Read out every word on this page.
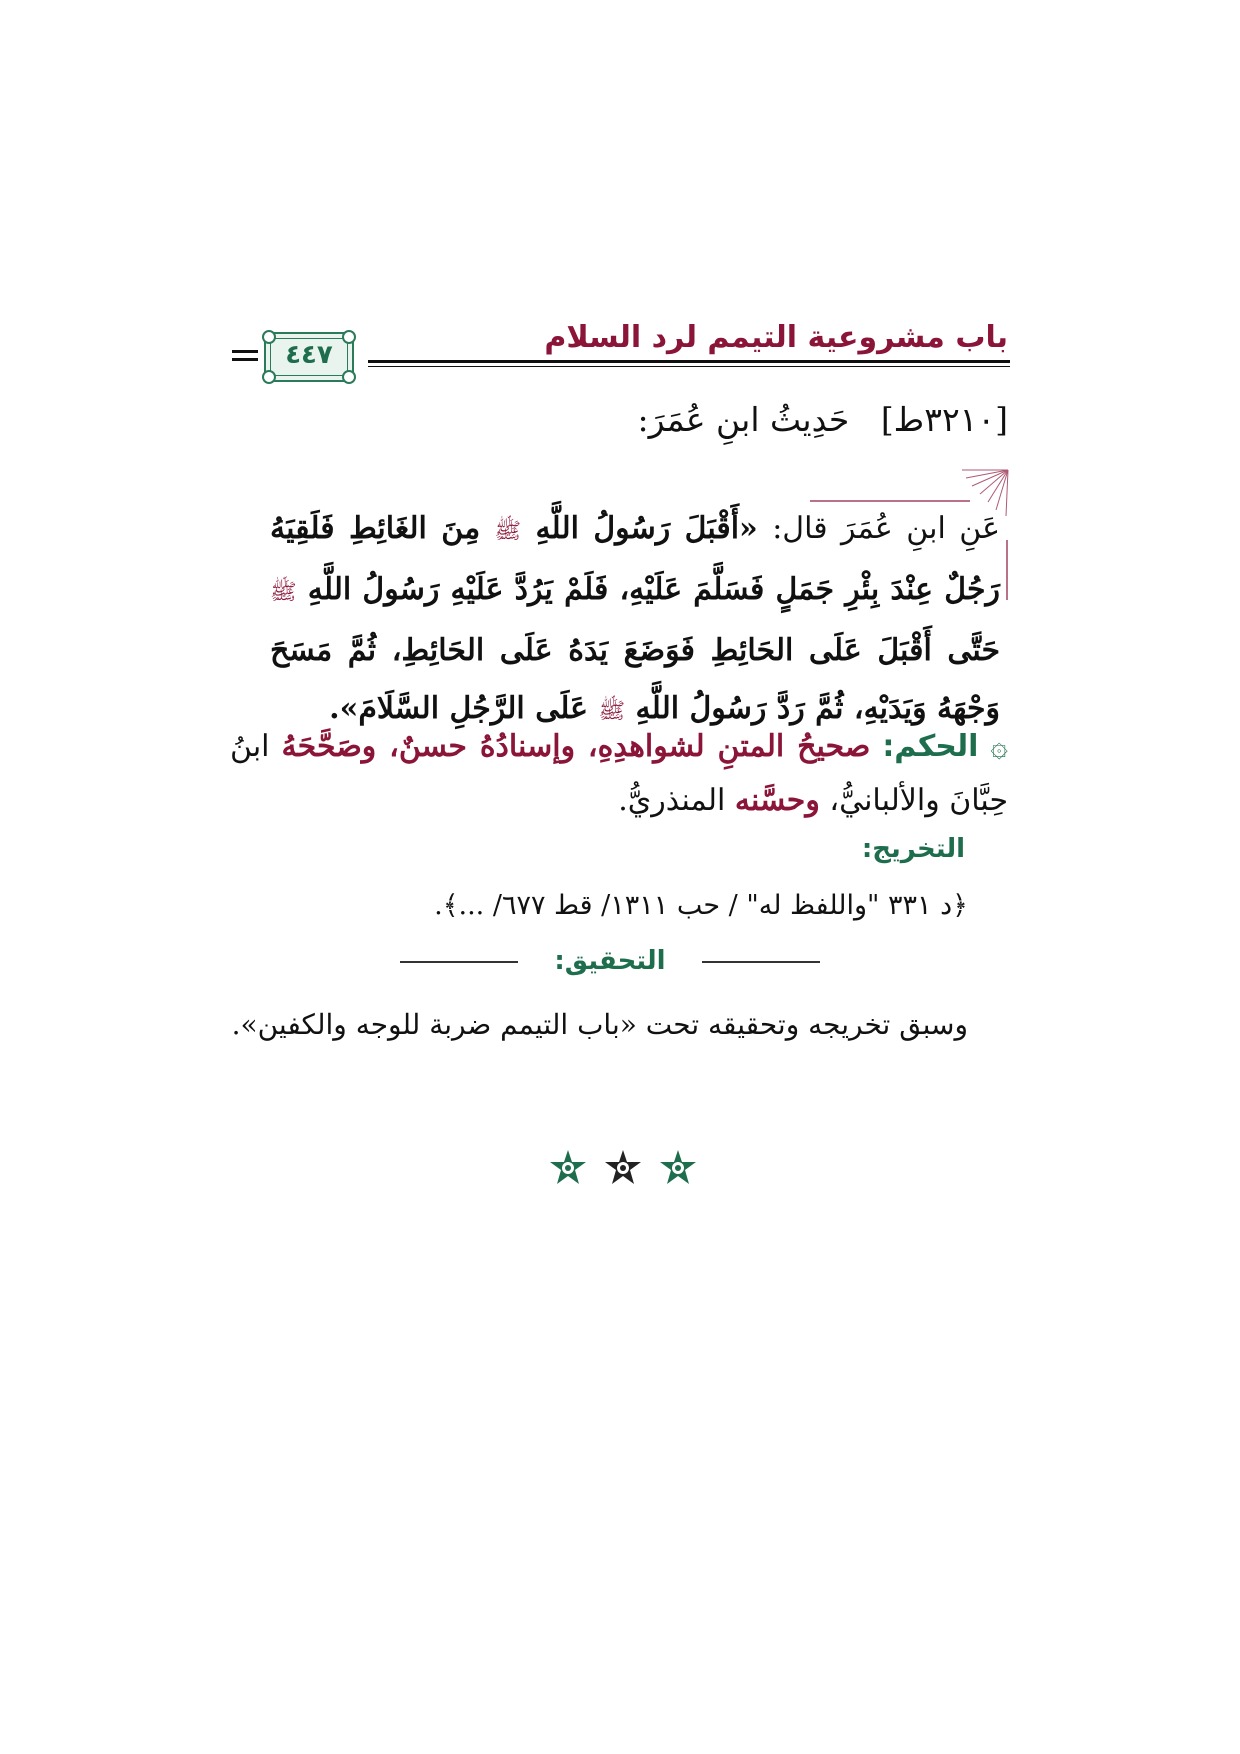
باب مشروعية التيمم لرد السلام
٤٤٧
[٣٢١٠ط]   حَدِيثُ ابنِ عُمَرَ:
عَنِ ابنِ عُمَرَ قال: «أَقْبَلَ رَسُولُ اللَّهِ ﷺ مِنَ الغَائِطِ فَلَقِيَهُ رَجُلٌ عِنْدَ بِئْرِ جَمَلٍ فَسَلَّمَ عَلَيْهِ، فَلَمْ يَرُدَّ عَلَيْهِ رَسُولُ اللَّهِ ﷺ حَتَّى أَقْبَلَ عَلَى الحَائِطِ فَوَضَعَ يَدَهُ عَلَى الحَائِطِ، ثُمَّ مَسَحَ وَجْهَهُ وَيَدَيْهِ، ثُمَّ رَدَّ رَسُولُ اللَّهِ ﷺ عَلَى الرَّجُلِ السَّلَامَ».
۞ الحكم: صحيحُ المتنِ لشواهدِهِ، وإسنادُهُ حسنٌ، وصَحَّحَهُ ابنُ حِبَّانَ والألبانيُّ، وحسَّنه المنذريُّ.
التخريج:
﴿د ٣٣١ "واللفظ له" / حب ١٣١١/ قط ٦٧٧/ ...﴾.
التحقيق:
وسبق تخريجه وتحقيقه تحت «باب التيمم ضربة للوجه والكفين».
